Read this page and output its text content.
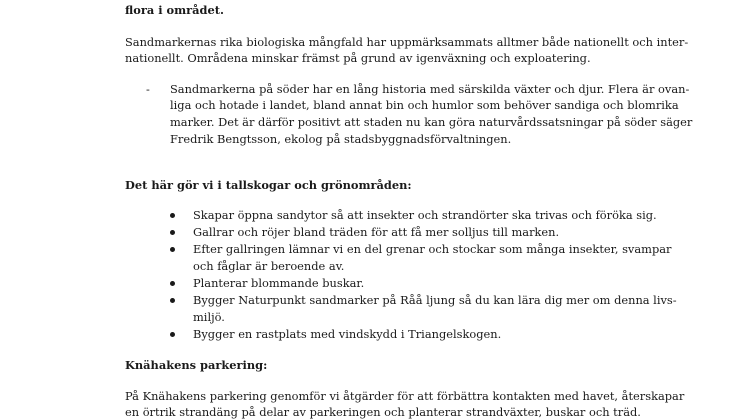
flora i området.
Sandmarkernas rika biologiska mångfald har uppmärksammats alltmer både nationellt och inter-
nationellt. Områdena minskar främst på grund av igenväxning och exploatering.
- Sandmarkerna på söder har en lång historia med särskilda växter och djur. Flera är ovan-
liga och hotade i landet, bland annat bin och humlor som behöver sandiga och blomrika
marker. Det är därför positivt att staden nu kan göra naturvårdssatsningar på söder säger
Fredrik Bengtsson, ekolog på stadsbyggnadsförvaltningen.
Det här gör vi i tallskogar och grönområden:
Skapar öppna sandytor så att insekter och strandörter ska trivas och föröka sig.
Gallrar och röjer bland träden för att få mer solljus till marken.
Efter gallringen lämnar vi en del grenar och stockar som många insekter, svampar
och fåglar är beroende av.
Planterar blommande buskar.
Bygger Naturpunkt sandmarker på Råå ljung så du kan lära dig mer om denna livs-
miljö.
Bygger en rastplats med vindskydd i Triangelskogen.
Knähakens parkering:
På Knähakens parkering genomför vi åtgärder för att förbättra kontakten med havet, återskapar
en örtrik strandäng på delar av parkeringen och planterar strandväxter, buskar och träd.
